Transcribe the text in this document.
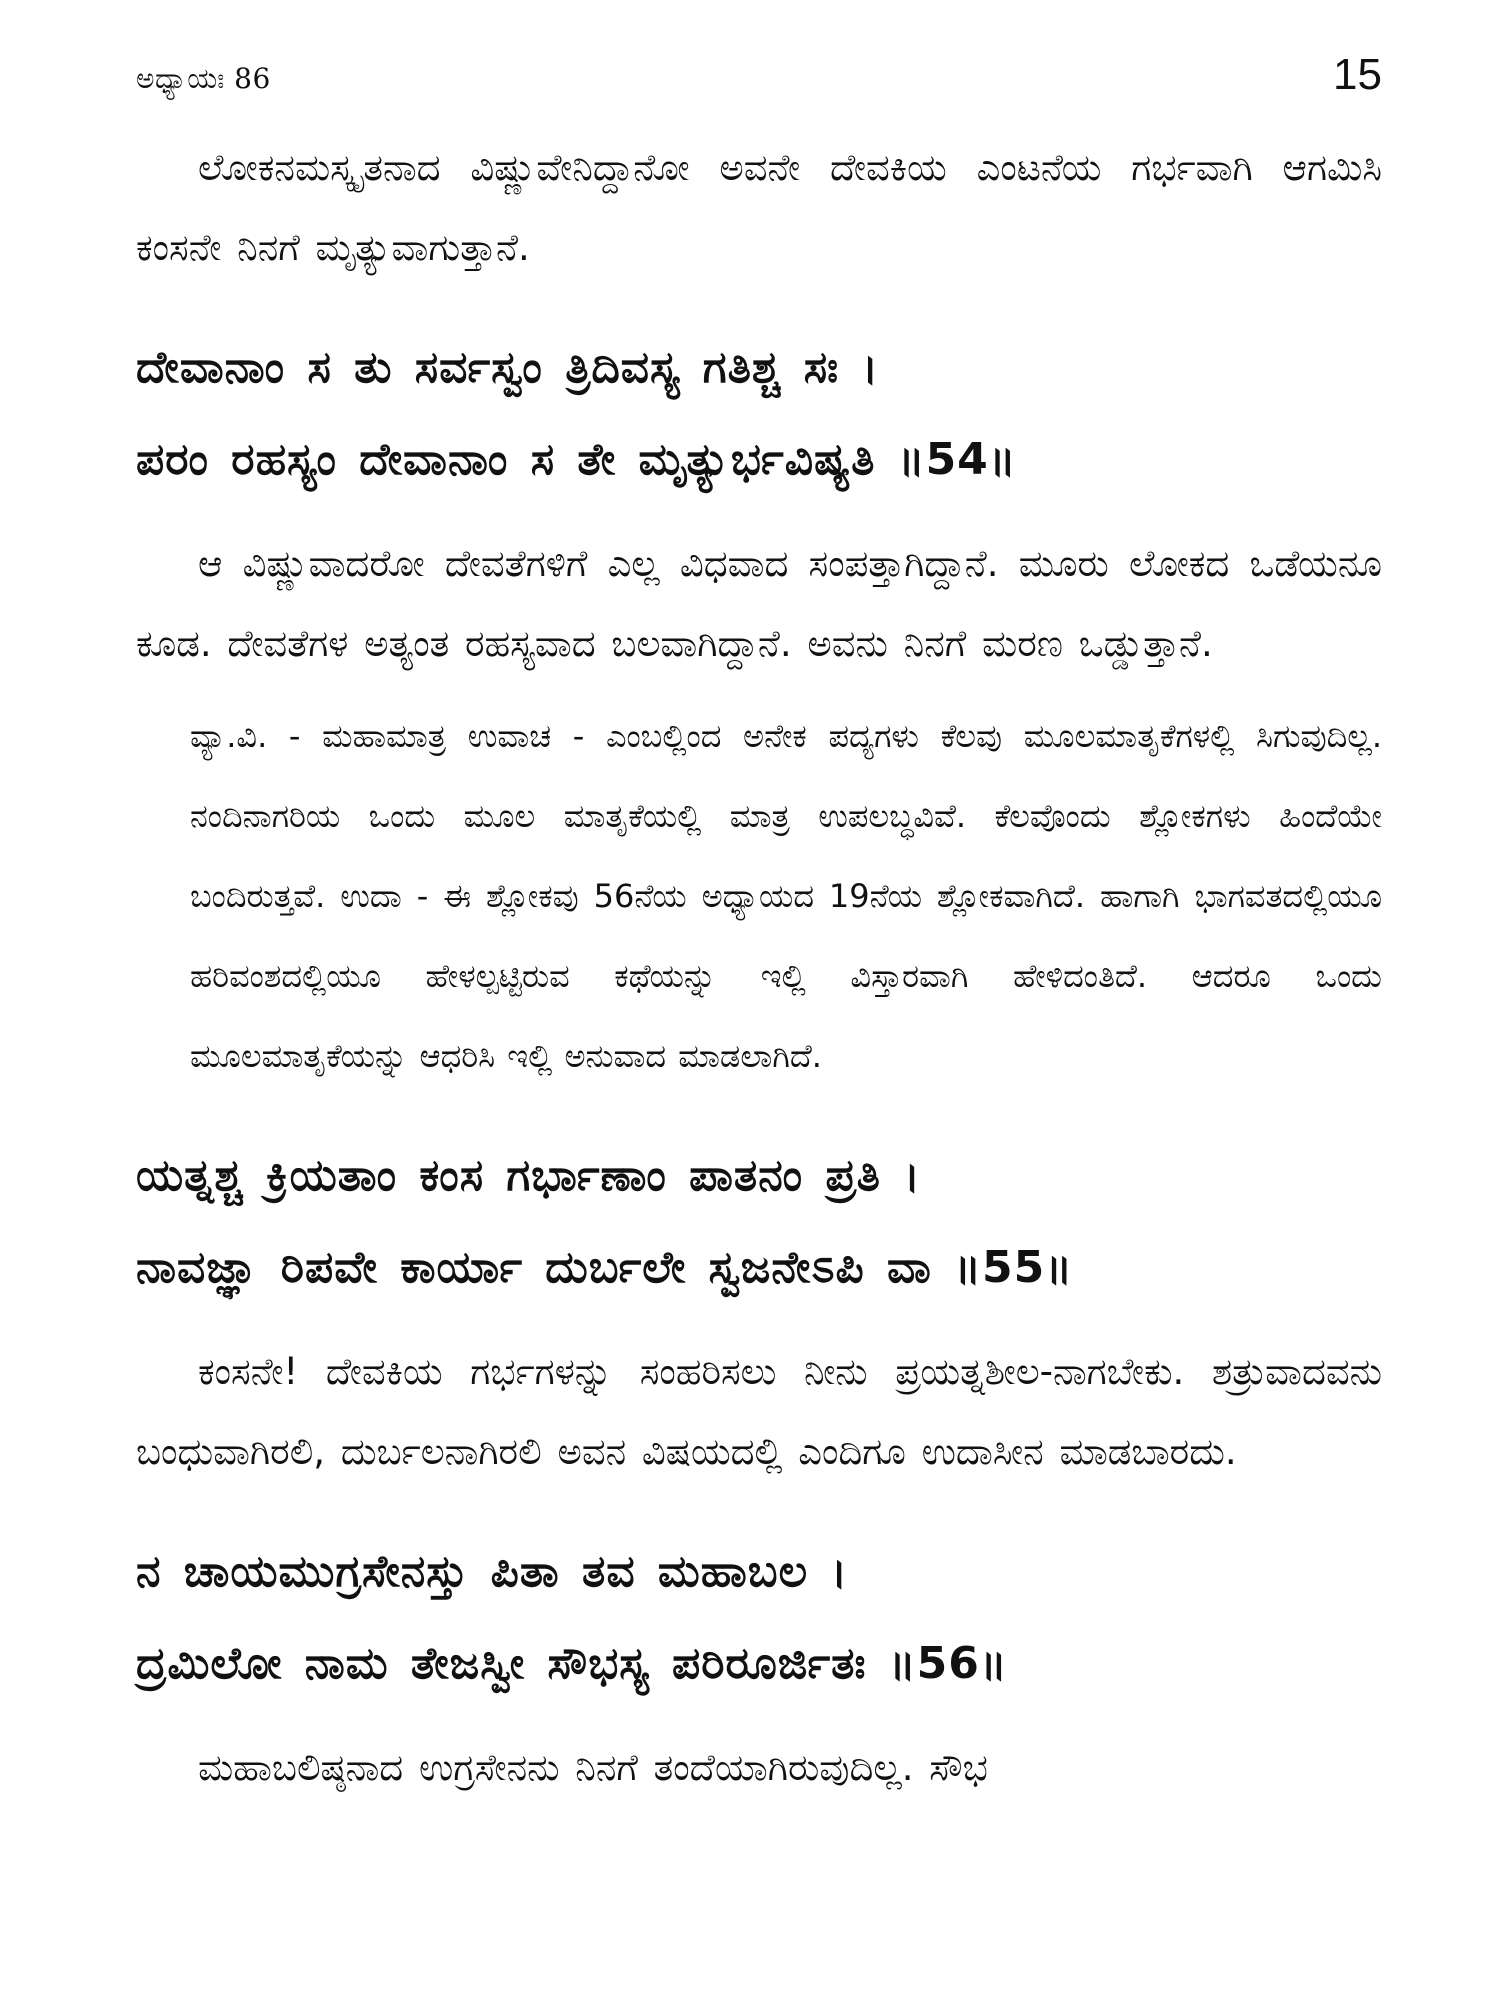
ಅಧ್ಯಾಯಃ 86	15

ಲೋಕನಮಸ್ಕೃತನಾದ ವಿಷ್ಣುವೇನಿದ್ದಾನೋ ಅವನೇ ದೇವಕಿಯ ಎಂಟನೆಯ ಗರ್ಭವಾಗಿ ಆಗಮಿಸಿ ಕಂಸನೇ ನಿನಗೆ ಮೃತ್ಯುವಾಗುತ್ತಾನೆ.

ದೇವಾನಾಂ ಸ ತು ಸರ್ವಸ್ವಂ ತ್ರಿದಿವಸ್ಯ ಗತಿಶ್ಚ ಸಃ ।
ಪರಂ ರಹಸ್ಯಂ ದೇವಾನಾಂ ಸ ತೇ ಮೃತ್ಯುರ್ಭವಿಷ್ಯತಿ ॥54॥

ಆ ವಿಷ್ಣುವಾದರೋ ದೇವತೆಗಳಿಗೆ ಎಲ್ಲ ವಿಧವಾದ ಸಂಪತ್ತಾಗಿದ್ದಾನೆ. ಮೂರು ಲೋಕದ ಒಡೆಯನೂ ಕೂಡ. ದೇವತೆಗಳ ಅತ್ಯಂತ ರಹಸ್ಯವಾದ ಬಲವಾಗಿದ್ದಾನೆ. ಅವನು ನಿನಗೆ ಮರಣ ಒಡ್ಡುತ್ತಾನೆ.

ವ್ಯಾ.ವಿ. - ಮಹಾಮಾತ್ರ ಉವಾಚ - ಎಂಬಲ್ಲಿಂದ ಅನೇಕ ಪದ್ಯಗಳು ಕೆಲವು ಮೂಲಮಾತೃಕೆಗಳಲ್ಲಿ ಸಿಗುವುದಿಲ್ಲ. ನಂದಿನಾಗರಿಯ ಒಂದು ಮೂಲ ಮಾತೃಕೆಯಲ್ಲಿ ಮಾತ್ರ ಉಪಲಬ್ಧವಿವೆ. ಕೆಲವೊಂದು ಶ್ಲೋಕಗಳು ಹಿಂದೆಯೇ ಬಂದಿರುತ್ತವೆ. ಉದಾ - ಈ ಶ್ಲೋಕವು 56ನೆಯ ಅಧ್ಯಾಯದ 19ನೆಯ ಶ್ಲೋಕವಾಗಿದೆ. ಹಾಗಾಗಿ ಭಾಗವತದಲ್ಲಿಯೂ ಹರಿವಂಶದಲ್ಲಿಯೂ ಹೇಳಲ್ಪಟ್ಟಿರುವ ಕಥೆಯನ್ನು ಇಲ್ಲಿ ವಿಸ್ತಾರವಾಗಿ ಹೇಳಿದಂತಿದೆ. ಆದರೂ ಒಂದು ಮೂಲಮಾತೃಕೆಯನ್ನು ಆಧರಿಸಿ ಇಲ್ಲಿ ಅನುವಾದ ಮಾಡಲಾಗಿದೆ.

ಯತ್ನಶ್ಚ ಕ್ರಿಯತಾಂ ಕಂಸ ಗರ್ಭಾಣಾಂ ಪಾತನಂ ಪ್ರತಿ ।
ನಾವಜ್ಞಾ ರಿಪವೇ ಕಾರ್ಯಾ ದುರ್ಬಲೇ ಸ್ವಜನೇಽಪಿ ವಾ ॥55॥

ಕಂಸನೇ! ದೇವಕಿಯ ಗರ್ಭಗಳನ್ನು ಸಂಹರಿಸಲು ನೀನು ಪ್ರಯತ್ನಶೀಲ-ನಾಗಬೇಕು. ಶತ್ರುವಾದವನು ಬಂಧುವಾಗಿರಲಿ, ದುರ್ಬಲನಾಗಿರಲಿ ಅವನ ವಿಷಯದಲ್ಲಿ ಎಂದಿಗೂ ಉದಾಸೀನ ಮಾಡಬಾರದು.

ನ ಚಾಯಮುಗ್ರಸೇನಸ್ತು ಪಿತಾ ತವ ಮಹಾಬಲ ।
ದ್ರಮಿಲೋ ನಾಮ ತೇಜಸ್ವೀ ಸೌಭಸ್ಯ ಪರಿರೂರ್ಜಿತಃ ॥56॥

ಮಹಾಬಲಿಷ್ಠನಾದ ಉಗ್ರಸೇನನು ನಿನಗೆ ತಂದೆಯಾಗಿರುವುದಿಲ್ಲ. ಸೌಭ
